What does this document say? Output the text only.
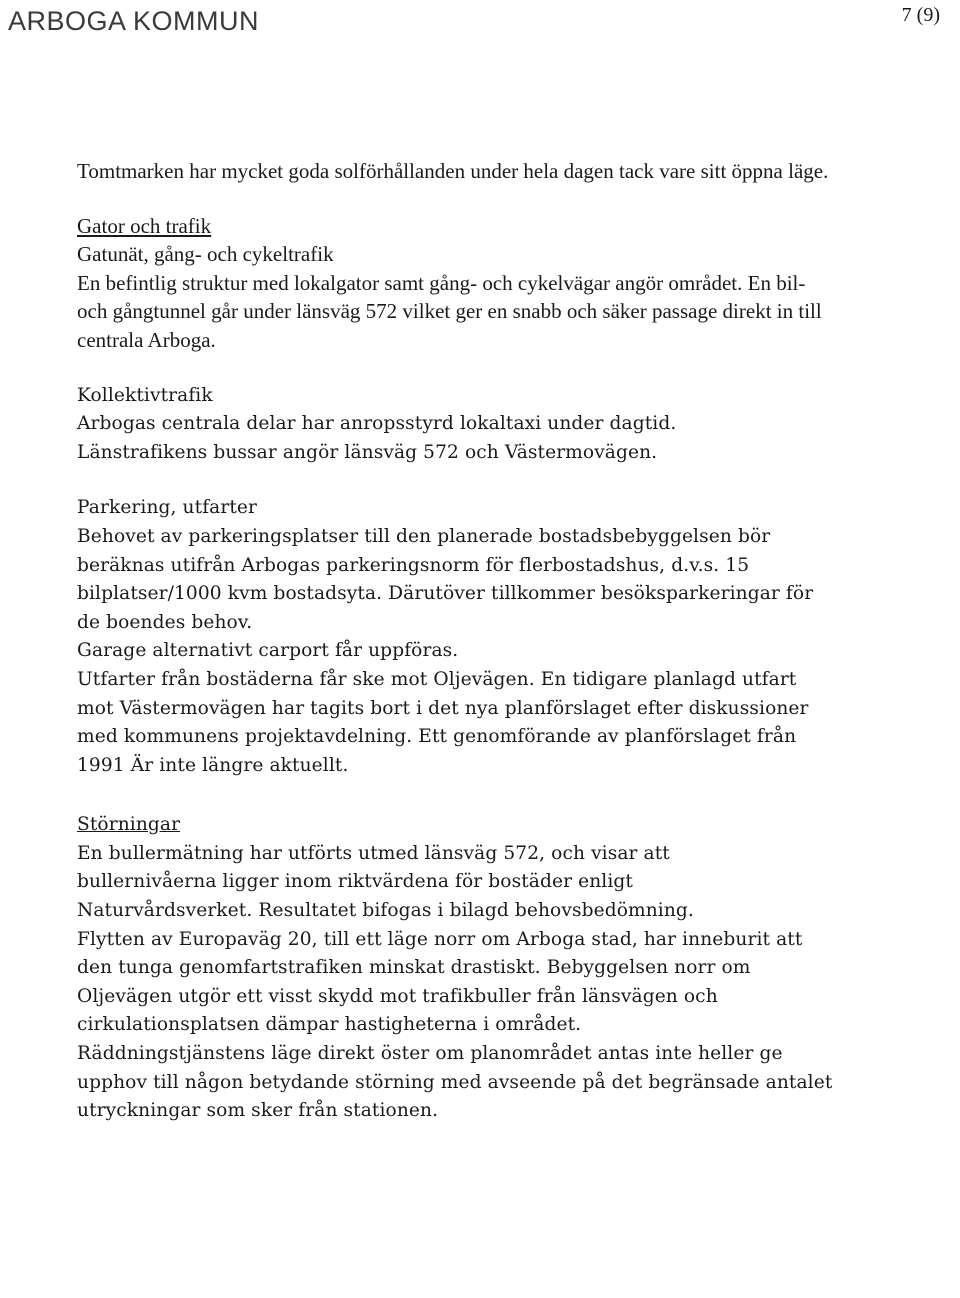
ARBOGA KOMMUN	7 (9)

Tomtmarken har mycket goda solförhållanden under hela dagen tack vare sitt öppna läge.

Gator och trafik

Gatunät, gång- och cykeltrafik

En befintlig struktur med lokalgator samt gång- och cykelvägar angör området. En bil- och gångtunnel går under länsväg 572 vilket ger en snabb och säker passage direkt in till centrala Arboga.

Kollektivtrafik

Arbogas centrala delar har anropsstyrd lokaltaxi under dagtid. Länstrafikens bussar angör länsväg 572 och Västermovägen.

Parkering, utfarter

Behovet av parkeringsplatser till den planerade bostadsbebyggelsen bör beräknas utifrån Arbogas parkeringsnorm för flerbostadshus, d.v.s. 15 bilplatser/1000 kvm bostadsyta. Därutöver tillkommer besöksparkeringar för de boendes behov.

Garage alternativt carport får uppföras.

Utfarter från bostäderna får ske mot Oljevägen. En tidigare planlagd utfart mot Västermovägen har tagits bort i det nya planförslaget efter diskussioner med kommunens projektavdelning. Ett genomförande av planförslaget från 1991 Är inte längre aktuellt.

Störningar

En bullermätning har utförts utmed länsväg 572, och visar att bullernivåerna ligger inom riktvärdena för bostäder enligt Naturvårdsverket. Resultatet bifogas i bilagd behovsbedömning.

Flytten av Europaväg 20, till ett läge norr om Arboga stad, har inneburit att den tunga genomfartstrafiken minskat drastiskt. Bebyggelsen norr om Oljevägen utgör ett visst skydd mot trafikbuller från länsvägen och cirkulationsplatsen dämpar hastigheterna i området.

Räddningstjänstens läge direkt öster om planområdet antas inte heller ge upphov till någon betydande störning med avseende på det begränsade antalet utryckningar som sker från stationen.
